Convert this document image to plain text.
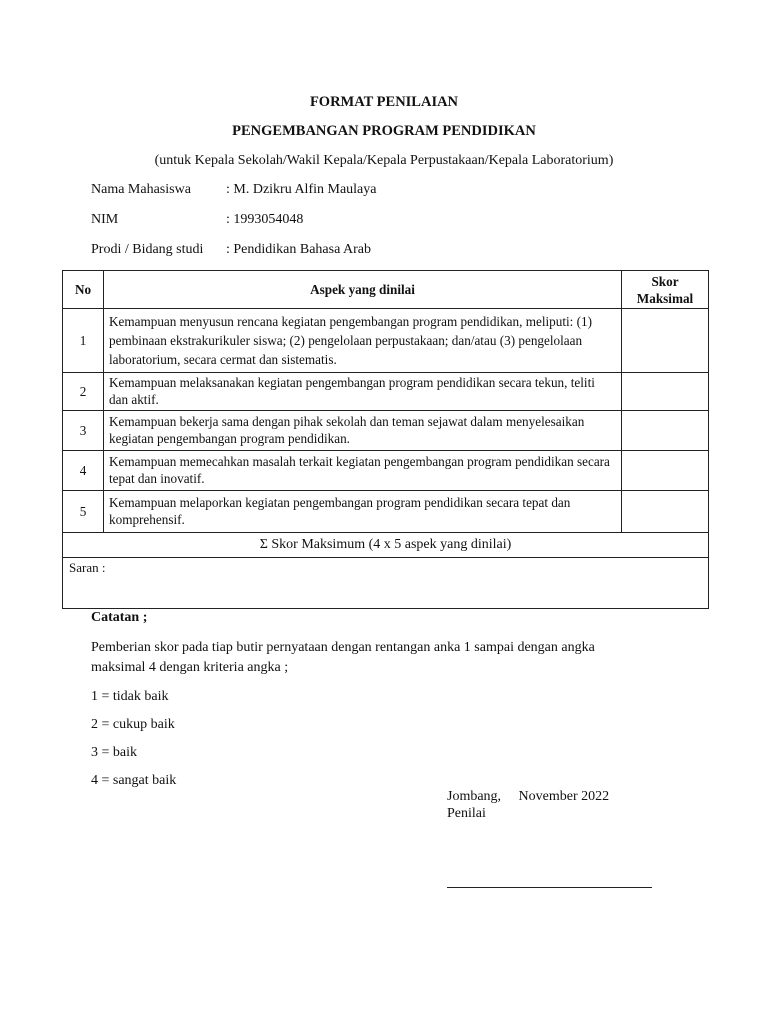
FORMAT PENILAIAN
PENGEMBANGAN PROGRAM PENDIDIKAN
(untuk Kepala Sekolah/Wakil Kepala/Kepala Perpustakaan/Kepala Laboratorium)
Nama Mahasiswa	: M. Dzikru Alfin Maulaya
NIM	: 1993054048
Prodi / Bidang studi	: Pendidikan Bahasa Arab
No	Aspek yang dinilai	Skor
Maksimal
1	Kemampuan menyusun rencana kegiatan pengembangan program pendidikan, meliputi: (1) pembinaan ekstrakurikuler siswa; (2) pengelolaan perpustakaan; dan/atau (3) pengelolaan laboratorium, secara cermat dan sistematis.	
2	Kemampuan melaksanakan kegiatan pengembangan program pendidikan secara tekun, teliti dan aktif.	
3	Kemampuan bekerja sama dengan pihak sekolah dan teman sejawat dalam menyelesaikan kegiatan pengembangan program pendidikan.	
4	Kemampuan memecahkan masalah terkait kegiatan pengembangan program pendidikan secara tepat dan inovatif.	
5	Kemampuan melaporkan kegiatan pengembangan program pendidikan secara tepat dan komprehensif.	
Σ Skor Maksimum (4 x 5 aspek yang dinilai)		
Saran :		
Catatan ;
Pemberian skor pada tiap butir pernyataan dengan rentangan anka 1 sampai dengan angka maksimal 4 dengan kriteria angka ;
1 = tidak baik
2 = cukup baik
3 = baik
4 = sangat baik
Jombang,     November 2022
Penilai
